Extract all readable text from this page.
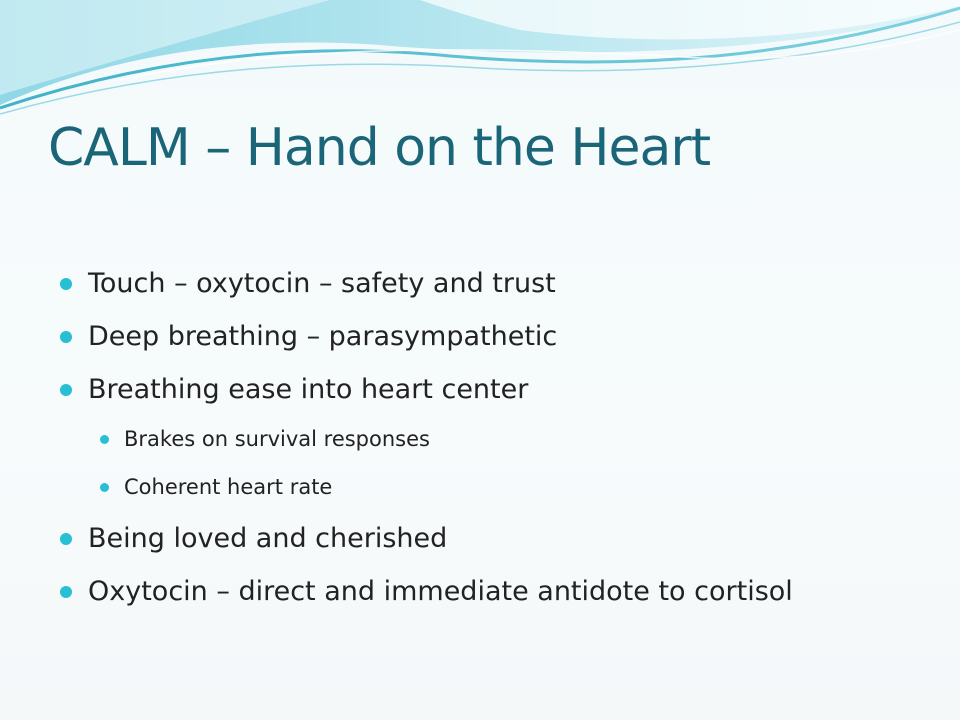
CALM – Hand on the Heart
Touch – oxytocin – safety and trust
Deep breathing – parasympathetic
Breathing ease into heart center
Brakes on survival responses
Coherent heart rate
Being loved and cherished
Oxytocin – direct and immediate antidote to cortisol
